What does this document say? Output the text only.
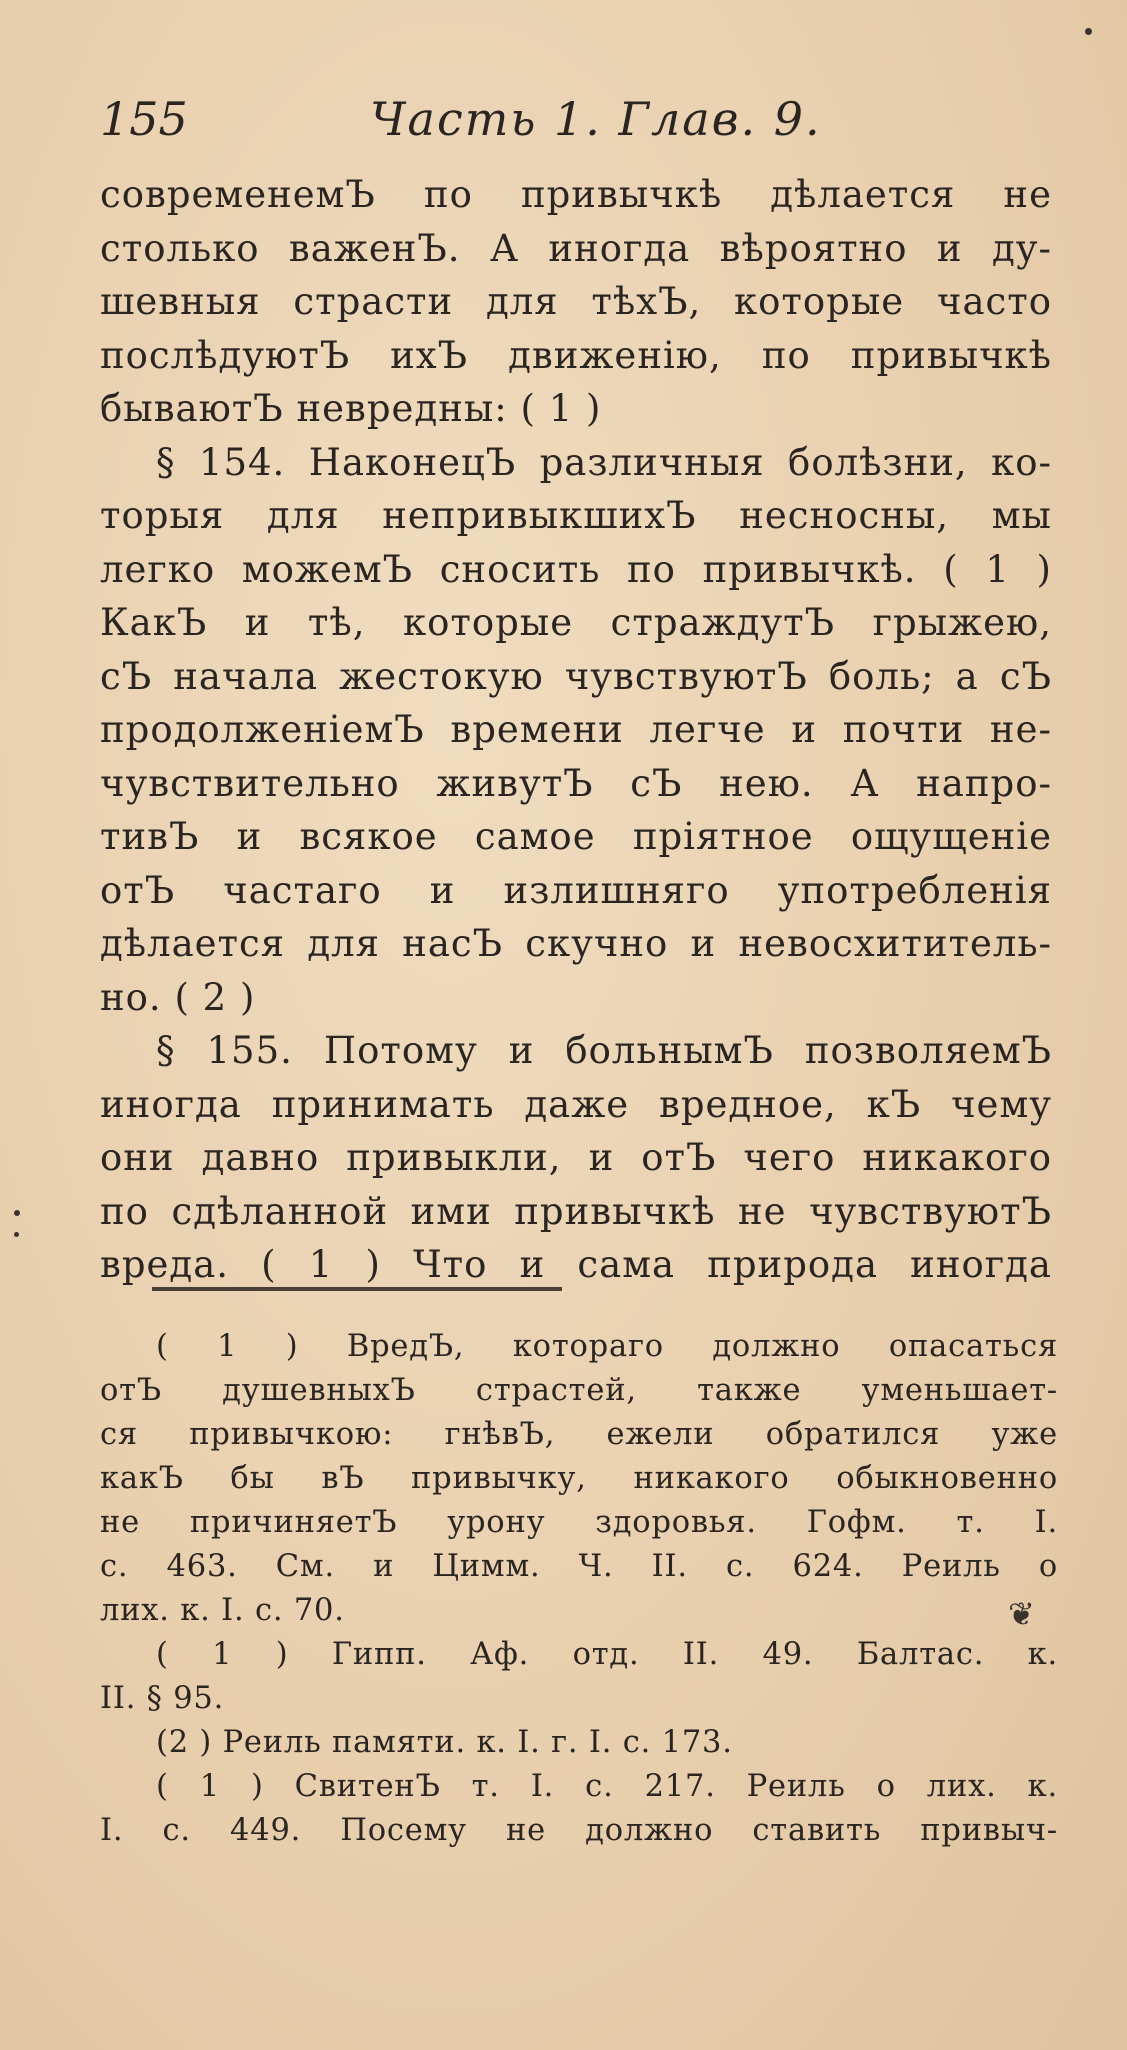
155	Часть 1. Глав. 9.
современемЪ по привычкѣ дѣлается не
столько важенЪ. А иногда вѣроятно и ду-
шевныя страсти для тѣхЪ, которые часто
послѣдуютЪ ихЪ движенію, по привычкѣ
бываютЪ невредны: ( 1 )
§ 154. НаконецЪ различныя болѣзни, ко-
торыя для непривыкшихЪ несносны, мы
легко можемЪ сносить по привычкѣ. ( 1 )
КакЪ и тѣ, которые страждутЪ грыжею,
сЪ начала жестокую чувствуютЪ боль; а сЪ
продолженіемЪ времени легче и почти не-
чувствительно живутЪ сЪ нею. А напро-
тивЪ и всякое самое пріятное ощущеніе
отЪ частаго и излишняго употребленія
дѣлается для насЪ скучно и невосхититель-
но. ( 2 )
§ 155. Потому и больнымЪ позволяемЪ
иногда принимать даже вредное, кЪ чему
они давно привыкли, и отЪ чего никакого
по сдѣланной ими привычкѣ не чувствуютЪ
вреда. ( 1 ) Что и сама природа иногда
( 1 ) ВредЪ, котораго должно опасаться
отЪ душевныхЪ страстей, также уменьшает-
ся привычкою: гнѣвЪ, ежели обратился уже
какЪ бы вЪ привычку, никакого обыкновенно
не причиняетЪ урону здоровья. Гофм. т. I.
с. 463. См. и Цимм. Ч. II. с. 624. Реиль о
лих. к. I. с. 70.
( 1 ) Гипп. Аф. отд. II. 49. Балтас. к.
II. § 95.
(2 ) Реиль памяти. к. I. г. I. с. 173.
( 1 ) СвитенЪ т. I. с. 217. Реиль о лих. к.
I. с. 449. Посему не должно ставить привыч-
❦
